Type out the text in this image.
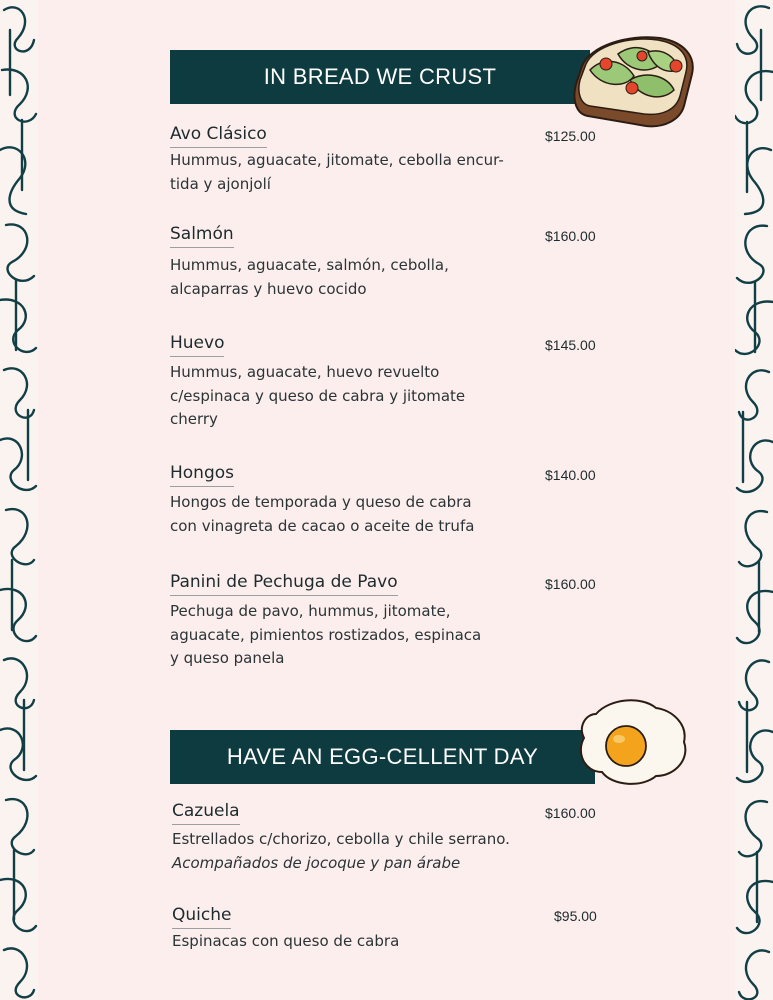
IN BREAD WE CRUST
Avo Clásico	$125.00
Hummus, aguacate, jitomate, cebolla encur-
tida y ajonjolí
Salmón	$160.00
Hummus, aguacate, salmón, cebolla,
alcaparras y huevo cocido
Huevo	$145.00
Hummus, aguacate, huevo revuelto
c/espinaca y queso de cabra y jitomate
cherry
Hongos	$140.00
Hongos de temporada y queso de cabra
con vinagreta de cacao o aceite de trufa
Panini de Pechuga de Pavo	$160.00
Pechuga de pavo, hummus, jitomate,
aguacate, pimientos rostizados, espinaca
y queso panela
HAVE AN EGG-CELLENT DAY
Cazuela	$160.00
Estrellados c/chorizo, cebolla y chile serrano.
Acompañados de jocoque y pan árabe
Quiche	$95.00
Espinacas con queso de cabra
